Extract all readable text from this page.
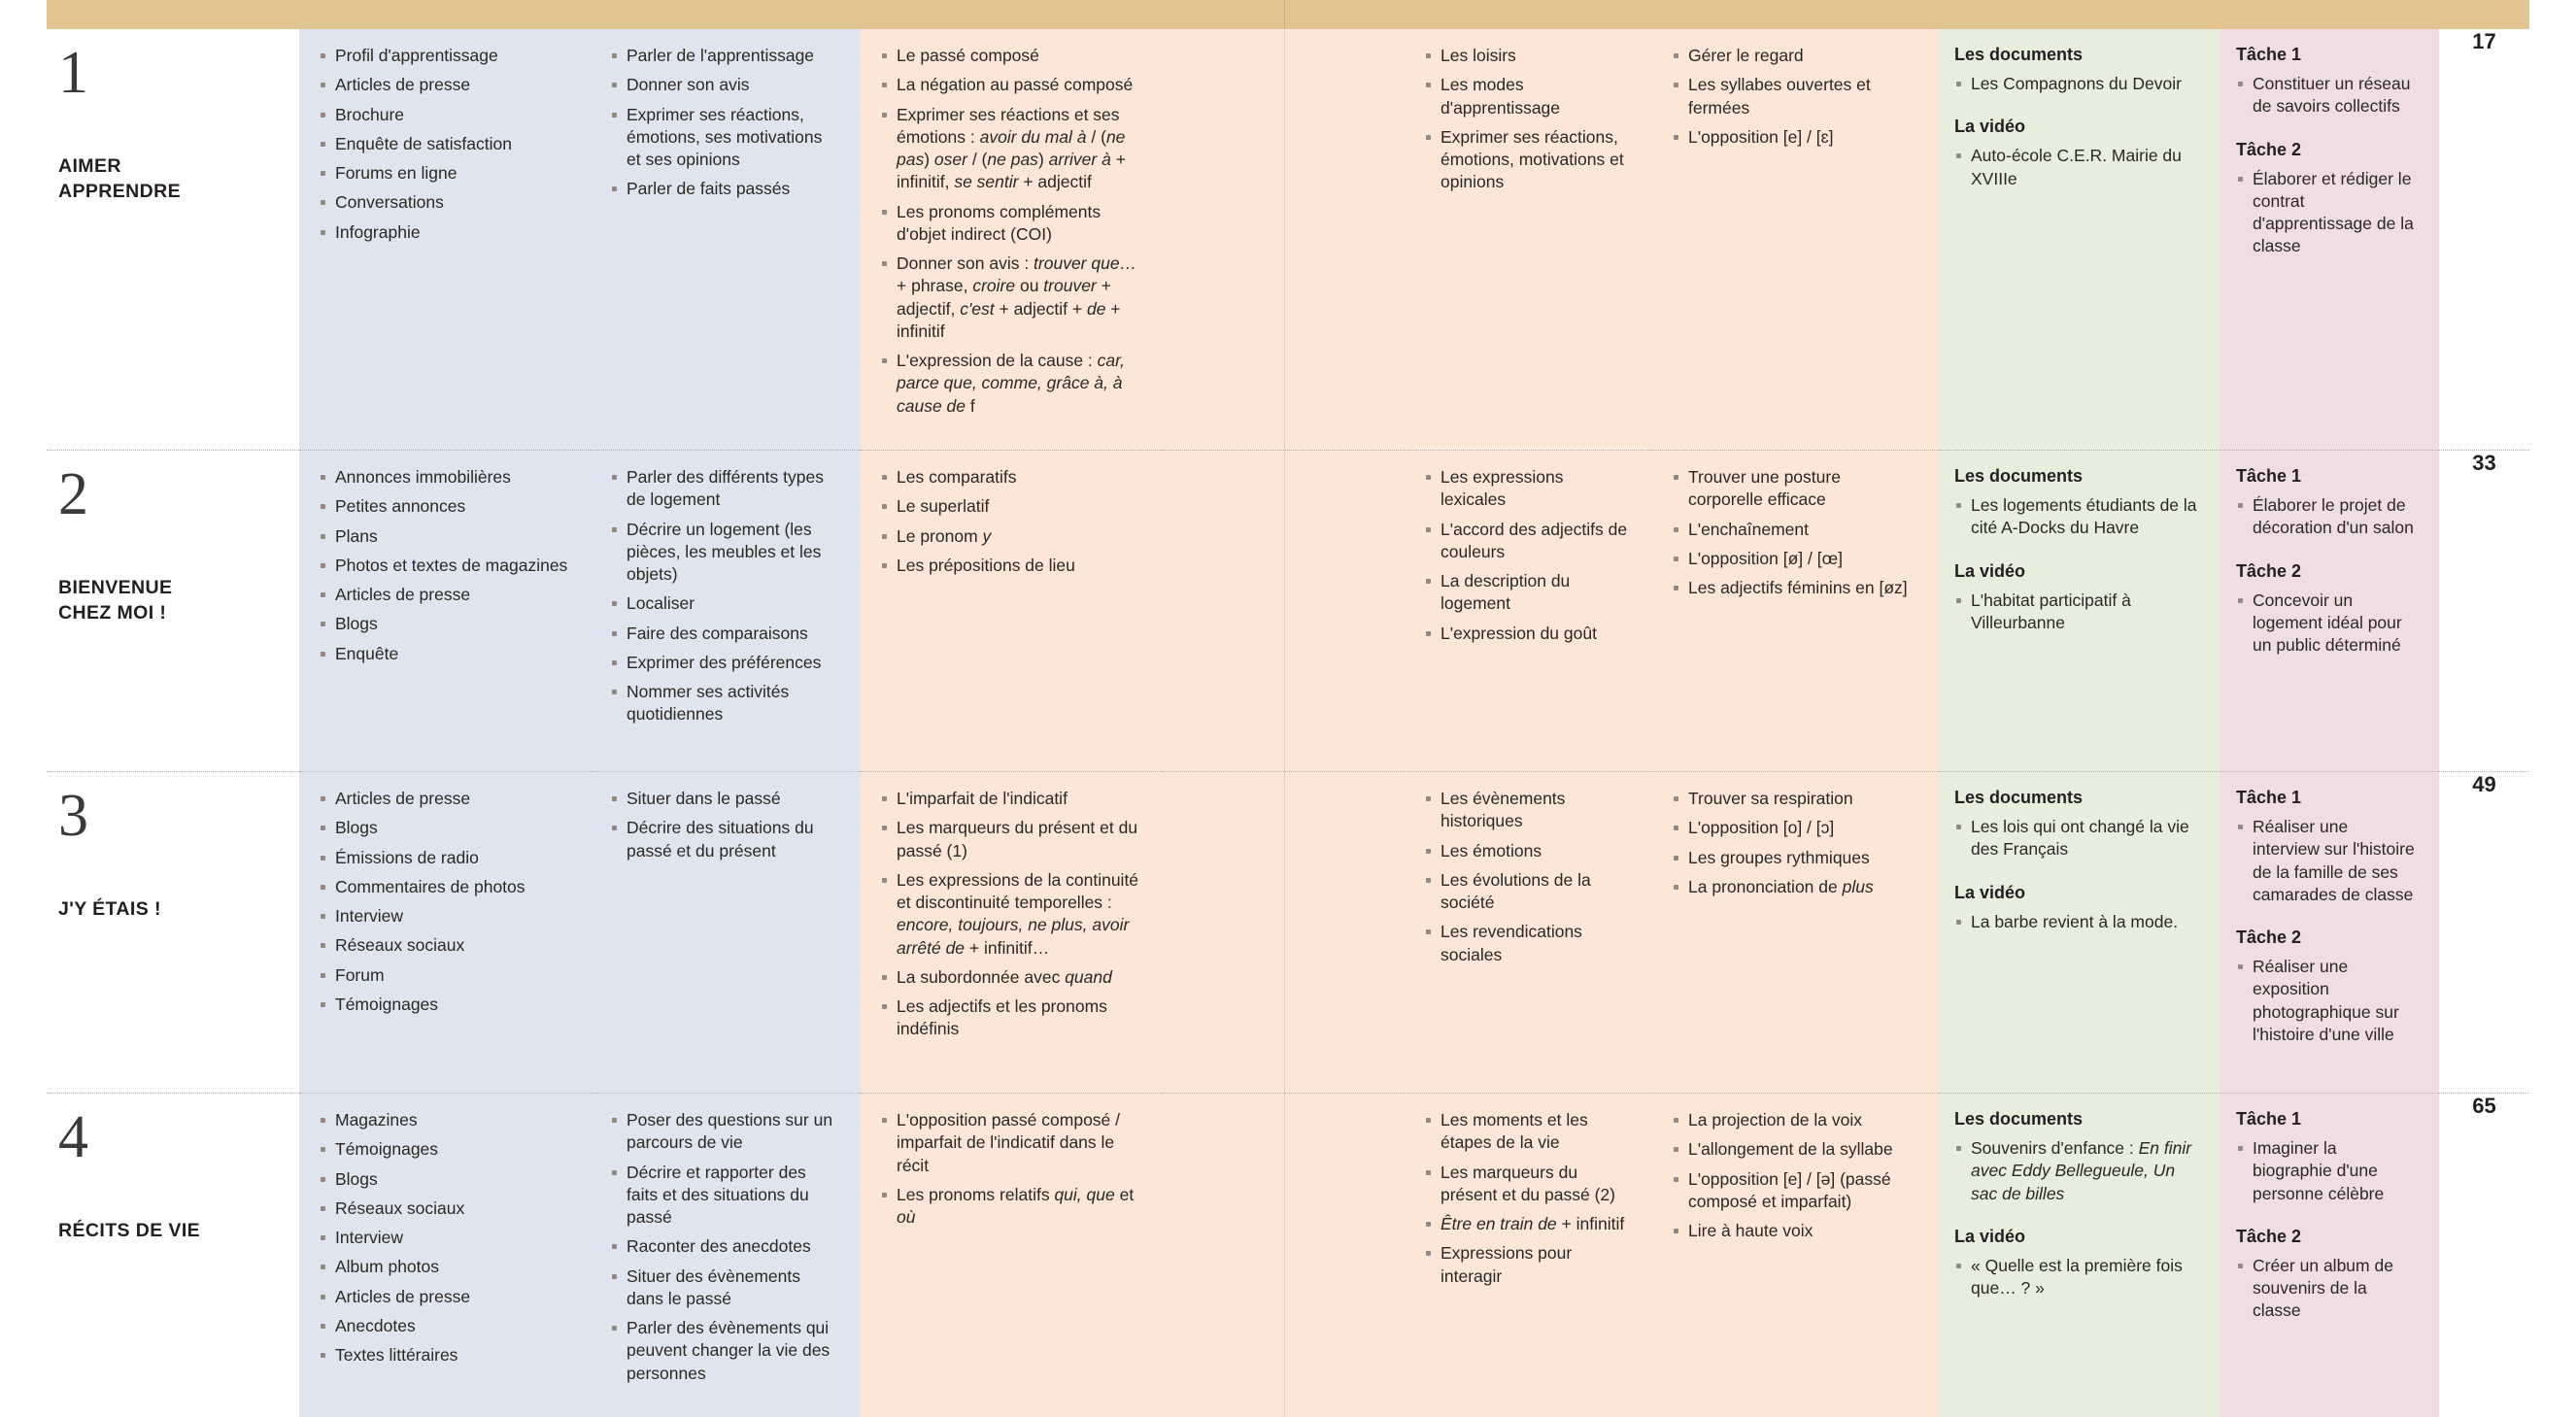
1
AIMER
APPRENDRE

Profil d'apprentissage
Articles de presse
Brochure
Enquête de satisfaction
Forums en ligne
Conversations
Infographie

Parler de l'apprentissage
Donner son avis
Exprimer ses réactions, émotions, ses motivations et ses opinions
Parler de faits passés

Le passé composé
La négation au passé composé
Exprimer ses réactions et ses émotions : avoir du mal à / (ne pas) oser / (ne pas) arriver à + infinitif, se sentir + adjectif
Les pronoms compléments d'objet indirect (COI)
Donner son avis : trouver que… + phrase, croire ou trouver + adjectif, c'est + adjectif + de + infinitif
L'expression de la cause : car, parce que, comme, grâce à, à cause de f

Les loisirs
Les modes d'apprentissage
Exprimer ses réactions, émotions, motivations et opinions

Gérer le regard
Les syllabes ouvertes et fermées
L'opposition [e] / [ɛ]

Les documents
Les Compagnons du Devoir
La vidéo
Auto-école C.E.R. Mairie du XVIIIe

Tâche 1
Constituer un réseau de savoirs collectifs
Tâche 2
Élaborer et rédiger le contrat d'apprentissage de la classe

17

2
BIENVENUE
CHEZ MOI !

Annonces immobilières
Petites annonces
Plans
Photos et textes de magazines
Articles de presse
Blogs
Enquête

Parler des différents types de logement
Décrire un logement (les pièces, les meubles et les objets)
Localiser
Faire des comparaisons
Exprimer des préférences
Nommer ses activités quotidiennes

Les comparatifs
Le superlatif
Le pronom y
Les prépositions de lieu

Les expressions lexicales
L'accord des adjectifs de couleurs
La description du logement
L'expression du goût

Trouver une posture corporelle efficace
L'enchaînement
L'opposition [ø] / [œ]
Les adjectifs féminins en [øz]

Les documents
Les logements étudiants de la cité A-Docks du Havre
La vidéo
L'habitat participatif à Villeurbanne

Tâche 1
Élaborer le projet de décoration d'un salon
Tâche 2
Concevoir un logement idéal pour un public déterminé

33

3
J'Y ÉTAIS !

Articles de presse
Blogs
Émissions de radio
Commentaires de photos
Interview
Réseaux sociaux
Forum
Témoignages

Situer dans le passé
Décrire des situations du passé et du présent

L'imparfait de l'indicatif
Les marqueurs du présent et du passé (1)
Les expressions de la continuité et discontinuité temporelles : encore, toujours, ne plus, avoir arrêté de + infinitif…
La subordonnée avec quand
Les adjectifs et les pronoms indéfinis

Les évènements historiques
Les émotions
Les évolutions de la société
Les revendications sociales

Trouver sa respiration
L'opposition [o] / [ɔ]
Les groupes rythmiques
La prononciation de plus

Les documents
Les lois qui ont changé la vie des Français
La vidéo
La barbe revient à la mode.

Tâche 1
Réaliser une interview sur l'histoire de la famille de ses camarades de classe
Tâche 2
Réaliser une exposition photographique sur l'histoire d'une ville

49

4
RÉCITS DE VIE

Magazines
Témoignages
Blogs
Réseaux sociaux
Interview
Album photos
Articles de presse
Anecdotes
Textes littéraires

Poser des questions sur un parcours de vie
Décrire et rapporter des faits et des situations du passé
Raconter des anecdotes
Situer des évènements dans le passé
Parler des évènements qui peuvent changer la vie des personnes

L'opposition passé composé / imparfait de l'indicatif dans le récit
Les pronoms relatifs qui, que et où

Les moments et les étapes de la vie
Les marqueurs du présent et du passé (2)
Être en train de + infinitif
Expressions pour interagir

La projection de la voix
L'allongement de la syllabe
L'opposition [e] / [ə] (passé composé et imparfait)
Lire à haute voix

Les documents
Souvenirs d'enfance : En finir avec Eddy Bellegueule, Un sac de billes
La vidéo
« Quelle est la première fois que… ? »

Tâche 1
Imaginer la biographie d'une personne célèbre
Tâche 2
Créer un album de souvenirs de la classe

65
